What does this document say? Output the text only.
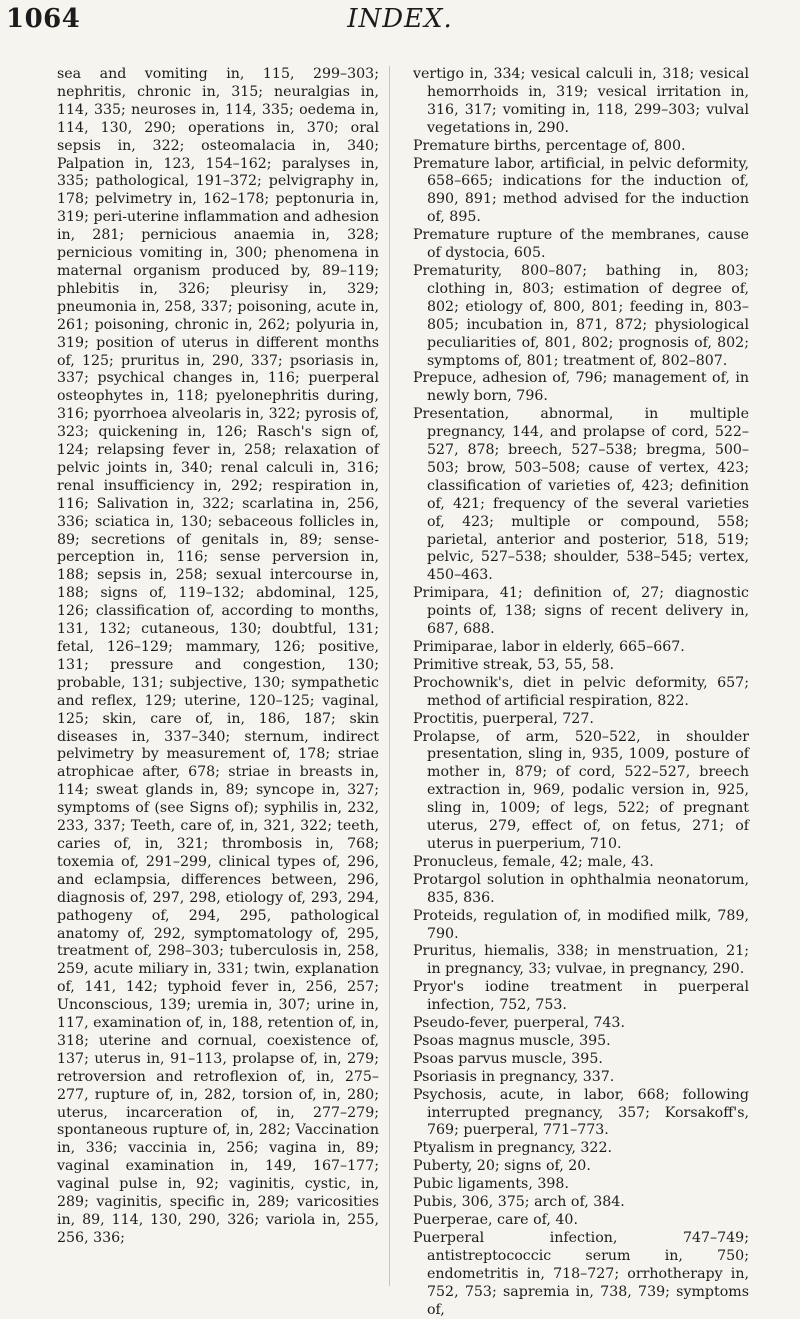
1064	INDEX.

sea and vomiting in, 115, 299–303; nephritis, chronic in, 315; neuralgias in, 114, 335; neuroses in, 114, 335; oedema in, 114, 130, 290; operations in, 370; oral sepsis in, 322; osteomalacia in, 340; Palpation in, 123, 154–162; paralyses in, 335; pathological, 191–372; pelvigraphy in, 178; pelvimetry in, 162–178; peptonuria in, 319; peri-uterine inflammation and adhesion in, 281; pernicious anaemia in, 328; pernicious vomiting in, 300; phenomena in maternal organism produced by, 89–119; phlebitis in, 326; pleurisy in, 329; pneumonia in, 258, 337; poisoning, acute in, 261; poisoning, chronic in, 262; polyuria in, 319; position of uterus in different months of, 125; pruritus in, 290, 337; psoriasis in, 337; psychical changes in, 116; puerperal osteophytes in, 118; pyelonephritis during, 316; pyorrhoea alveolaris in, 322; pyrosis of, 323; quickening in, 126; Rasch's sign of, 124; relapsing fever in, 258; relaxation of pelvic joints in, 340; renal calculi in, 316; renal insufficiency in, 292; respiration in, 116; Salivation in, 322; scarlatina in, 256, 336; sciatica in, 130; sebaceous follicles in, 89; secretions of genitals in, 89; sense-perception in, 116; sense perversion in, 188; sepsis in, 258; sexual intercourse in, 188; signs of, 119–132; abdominal, 125, 126; classification of, according to months, 131, 132; cutaneous, 130; doubtful, 131; fetal, 126–129; mammary, 126; positive, 131; pressure and congestion, 130; probable, 131; subjective, 130; sympathetic and reflex, 129; uterine, 120–125; vaginal, 125; skin, care of, in, 186, 187; skin diseases in, 337–340; sternum, indirect pelvimetry by measurement of, 178; striae atrophicae after, 678; striae in breasts in, 114; sweat glands in, 89; syncope in, 327; symptoms of (see Signs of); syphilis in, 232, 233, 337; Teeth, care of, in, 321, 322; teeth, caries of, in, 321; thrombosis in, 768; toxemia of, 291–299, clinical types of, 296, and eclampsia, differences between, 296, diagnosis of, 297, 298, etiology of, 293, 294, pathogeny of, 294, 295, pathological anatomy of, 292, symptomatology of, 295, treatment of, 298–303; tuberculosis in, 258, 259, acute miliary in, 331; twin, explanation of, 141, 142; typhoid fever in, 256, 257; Unconscious, 139; uremia in, 307; urine in, 117, examination of, in, 188, retention of, in, 318; uterine and cornual, coexistence of, 137; uterus in, 91–113, prolapse of, in, 279; retroversion and retroflexion of, in, 275–277, rupture of, in, 282, torsion of, in, 280; uterus, incarceration of, in, 277–279; spontaneous rupture of, in, 282; Vaccination in, 336; vaccinia in, 256; vagina in, 89; vaginal examination in, 149, 167–177; vaginal pulse in, 92; vaginitis, cystic, in, 289; vaginitis, specific in, 289; varicosities in, 89, 114, 130, 290, 326; variola in, 255, 256, 336;

vertigo in, 334; vesical calculi in, 318; vesical hemorrhoids in, 319; vesical irritation in, 316, 317; vomiting in, 118, 299–303; vulval vegetations in, 290.

Premature births, percentage of, 800.

Premature labor, artificial, in pelvic deformity, 658–665; indications for the induction of, 890, 891; method advised for the induction of, 895.

Premature rupture of the membranes, cause of dystocia, 605.

Prematurity, 800–807; bathing in, 803; clothing in, 803; estimation of degree of, 802; etiology of, 800, 801; feeding in, 803–805; incubation in, 871, 872; physiological peculiarities of, 801, 802; prognosis of, 802; symptoms of, 801; treatment of, 802–807.

Prepuce, adhesion of, 796; management of, in newly born, 796.

Presentation, abnormal, in multiple pregnancy, 144, and prolapse of cord, 522–527, 878; breech, 527–538; bregma, 500–503; brow, 503–508; cause of vertex, 423; classification of varieties of, 423; definition of, 421; frequency of the several varieties of, 423; multiple or compound, 558; parietal, anterior and posterior, 518, 519; pelvic, 527–538; shoulder, 538–545; vertex, 450–463.

Primipara, 41; definition of, 27; diagnostic points of, 138; signs of recent delivery in, 687, 688.

Primiparae, labor in elderly, 665–667.

Primitive streak, 53, 55, 58.

Prochownik's, diet in pelvic deformity, 657; method of artificial respiration, 822.

Proctitis, puerperal, 727.

Prolapse, of arm, 520–522, in shoulder presentation, sling in, 935, 1009, posture of mother in, 879; of cord, 522–527, breech extraction in, 969, podalic version in, 925, sling in, 1009; of legs, 522; of pregnant uterus, 279, effect of, on fetus, 271; of uterus in puerperium, 710.

Pronucleus, female, 42; male, 43.

Protargol solution in ophthalmia neonatorum, 835, 836.

Proteids, regulation of, in modified milk, 789, 790.

Pruritus, hiemalis, 338; in menstruation, 21; in pregnancy, 33; vulvae, in pregnancy, 290.

Pryor's iodine treatment in puerperal infection, 752, 753.

Pseudo-fever, puerperal, 743.

Psoas magnus muscle, 395.

Psoas parvus muscle, 395.

Psoriasis in pregnancy, 337.

Psychosis, acute, in labor, 668; following interrupted pregnancy, 357; Korsakoff's, 769; puerperal, 771–773.

Ptyalism in pregnancy, 322.

Puberty, 20; signs of, 20.

Pubic ligaments, 398.

Pubis, 306, 375; arch of, 384.

Puerperae, care of, 40.

Puerperal infection, 747–749; antistreptococcic serum in, 750; endometritis in, 718–727; orrhotherapy in, 752, 753; sapremia in, 738, 739; symptoms of,
